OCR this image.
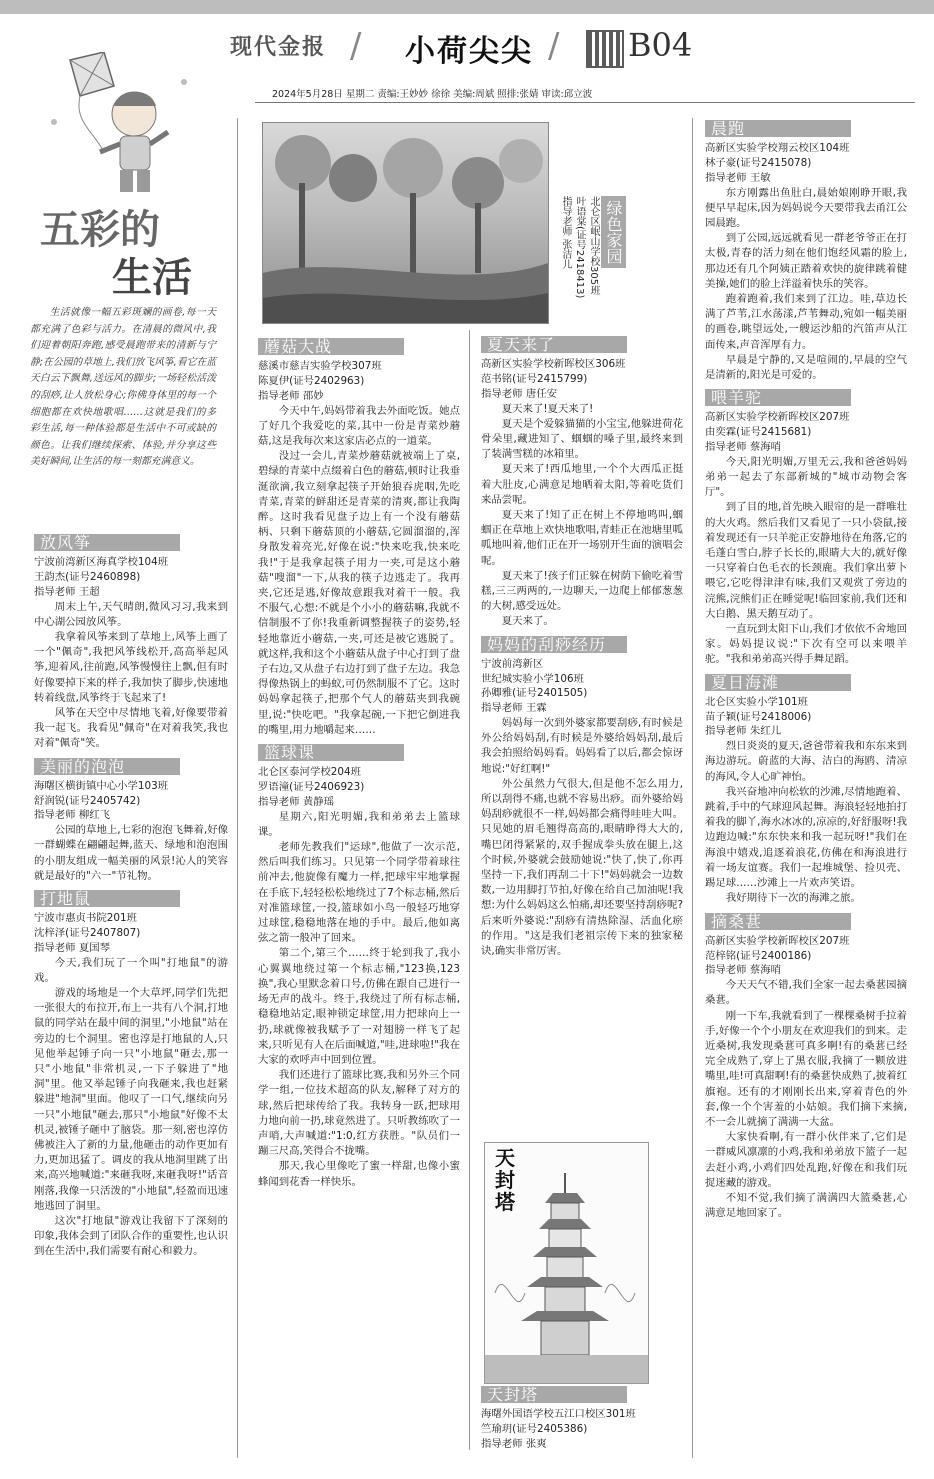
现代金报 / 小荷尖尖 / B04
2024年5月28日 星期二 责编:王妙妙 徐徐 美编:周斌 照排:张婧 审读:邱立波
五彩的
生活

生活就像一幅五彩斑斓的画卷,每一天都充满了色彩与活力。在清晨的微风中,我们迎着朝阳奔跑,感受晨跑带来的清新与宁静;在公园的草地上,我们放飞风筝,看它在蓝天白云下飘舞,送远风的脚步;一场轻松活泼的刮痧,让人放松身心;你佛身体里的每一个细胞都在欢快地歌唱……这就是我们的多彩生活,每一种体验都是生活中不可或缺的颜色。让我们继续探索、体验,并分享这些美好瞬间,让生活的每一刻都充满意义。

放风筝
宁波前湾新区海真学校104班
王韵杰(证号2460898)
指导老师 王超

周末上午,天气晴朗,微风习习,我来到中心湖公园放风筝。

我拿着风筝来到了草地上,风筝上画了一个"佩奇",我把风筝线松开,高高举起风筝,迎着风,往前跑,风筝慢慢往上飘,但有时好像要掉下来的样子,我加快了脚步,快速地转着线盘,风筝终于飞起来了!

风筝在天空中尽情地飞着,好像要带着我一起飞。我看见"佩奇"在对着我笑,我也对着"佩奇"笑。

美丽的泡泡
海曙区横街镇中心小学103班
舒润锐(证号2405742)
指导老师 柳红飞

公园的草地上,七彩的泡泡飞舞着,好像一群蝴蝶在翩翩起舞,蓝天、绿地和泡泡围的小朋友组成一幅美丽的风景!沁人的笑容就是最好的"六一"节礼物。

打地鼠
宁波市惠贞书院201班
沈梓泽(证号2407807)
指导老师 夏国琴

今天,我们玩了一个叫"打地鼠"的游戏。

游戏的场地是一个大草坪,同学们先把一张很大的布拉开,布上一共有八个洞,打地鼠的同学站在最中间的洞里,"小地鼠"站在旁边的七个洞里。密也淳是打地鼠的人,只见他举起锤子向一只"小地鼠"砸去,那一只"小地鼠"非常机灵,一下子躲进了"地洞"里。他又举起锤子向我砸来,我也赶紧躲进"地洞"里面。他叹了一口气,继续向另一只"小地鼠"砸去,那只"小地鼠"好像不太机灵,被锤子砸中了脑袋。那一刻,密也淳仿佛被注入了新的力量,他砸击的动作更加有力,更加迅猛了。调皮的我从地洞里跳了出来,高兴地喊道:"来砸我呀,来砸我呀!"话音刚落,我像一只活泼的"小地鼠",轻盈而迅速地逃回了洞里。

这次"打地鼠"游戏让我留下了深刻的印象,我体会到了团队合作的重要性,也认识到在生活中,我们需要有耐心和毅力。

绿色家园
北仑区岷山学校305班
叶语棠(证号2418413)
指导老师 张洁儿
蘑菇大战
慈溪市慈吉实验学校307班
陈夏伊(证号2402963)
指导老师 邵妙

今天中午,妈妈带着我去外面吃饭。她点了好几个我爱吃的菜,其中一份是青菜炒蘑菇,这是我每次来这家店必点的一道菜。

没过一会儿,青菜炒蘑菇就被端上了桌,碧绿的青菜中点缀着白色的蘑菇,顿时让我垂涎欲滴,我立刻拿起筷子开始狼吞虎咽,先吃青菜,青菜的鲜甜还是青菜的清爽,都让我陶醉。这时我看见盘子边上有一个没有蘑菇柄、只剩下蘑菇顶的小蘑菇,它圆溜溜的,浑身散发着亮光,好像在说:"快来吃我,快来吃我!"于是我拿起筷子用力一夹,可是这小蘑菇"嗖溜"一下,从我的筷子边逃走了。我再夹,它还是逃,好像故意跟我对着干一般。我不服气,心想:不就是个小小的蘑菇嘛,我就不信制服不了你!我重新调整握筷子的姿势,轻轻地靠近小蘑菇,一夹,可还是被它逃脱了。就这样,我和这个小蘑菇从盘子中心打到了盘子右边,又从盘子右边打到了盘子左边。我急得像热锅上的蚂蚁,可仍然制服不了它。这时妈妈拿起筷子,把那个气人的蘑菇夹到我碗里,说:"快吃吧。"我拿起碗,一下把它倒进我的嘴里,用力地嚼起来……

篮球课
北仑区泰河学校204班
罗语潼(证号2406923)
指导老师 黄静瑶

星期六,阳光明媚,我和弟弟去上篮球课。

老师先教我们"运球",他做了一次示范,然后叫我们练习。只见第一个同学带着球往前冲去,他旋像有魔力一样,把球牢牢地掌握在手底下,轻轻松松地绕过了7个标志桶,然后对准篮球筐,一投,篮球如小鸟一般轻巧地穿过球筐,稳稳地落在地的手中。最后,他如离弦之箭一般冲了回来。

第二个,第三个……终于轮到我了,我小心翼翼地绕过第一个标志桶,"123换,123换",我心里默念着口号,仿佛在跟自己进行一场无声的战斗。终于,我绕过了所有标志桶,稳稳地站定,眼神锁定球筐,用力把球向上一扔,球就像被我赋予了一对翅膀一样飞了起来,只听见有人在后面喊道,"哇,进球啦!"我在大家的欢呼声中回到位置。

我们还进行了篮球比赛,我和另外三个同学一组,一位技术超高的队友,解释了对方的球,然后把球传给了我。我转身一跃,把球用力地向前一扔,球竟然进了。只听教练吹了一声哨,大声喊道:"1:0,红方获胜。"队员们一蹦三尺高,笑得合不拢嘴。

那天,我心里像吃了蜜一样甜,也像小蜜蜂闻到花香一样快乐。

夏天来了
高新区实验学校新晖校区306班
范书铭(证号2415799)
指导老师 唐任安

夏天来了!夏天来了!

夏天是个爱躲猫猫的小宝宝,他躲进荷花骨朵里,藏进知了、蝈蝈的嗓子里,最终来到了装满雪糕的冰箱里。

夏天来了!西瓜地里,一个个大西瓜正挺着大肚皮,心满意足地晒着太阳,等着吃货们来品尝呢。

夏天来了!知了正在树上不停地鸣叫,蝈蝈正在草地上欢快地歌唱,青蛙正在池塘里呱呱地叫着,他们正在开一场别开生面的演唱会呢。

夏天来了!孩子们正躲在树荫下偷吃着雪糕,三三两两的,一边聊天,一边爬上郁郁葱葱的大树,感受远处。

夏天来了。

妈妈的刮痧经历
宁波前湾新区
世纪城实验小学106班
孙卿雅(证号2401505)
指导老师 王霖

妈妈每一次到外婆家都要刮痧,有时候是外公给妈妈刮,有时候是外婆给妈妈刮,最后我会拍照给妈妈看。妈妈看了以后,都会惊讶地说:"好红啊!"

外公虽然力气很大,但是他不怎么用力,所以刮得不痛,也就不容易出痧。而外婆给妈妈刮痧就很不一样,妈妈都会痛得哇哇大叫。只见她的眉毛翘得高高的,眼睛睁得大大的,嘴巴闭得紧紧的,双手握成拳头放在腿上,这个时候,外婆就会鼓励她说:"快了,快了,你再坚持一下,我们再刮二十下!"妈妈就会一边数数,一边用脚打节拍,好像在给自己加油呢!我想:为什么妈妈这么怕痛,却还要坚持刮痧呢?后来听外婆说:"刮痧有清热除湿、活血化瘀的作用。"这是我们老祖宗传下来的独家秘诀,确实非常厉害。

天封塔
天封塔
海曙外国语学校五江口校区301班
竺瑜玥(证号2405386)
指导老师 张爽
晨跑
高新区实验学校翔云校区104班
林子豪(证号2415078)
指导老师 王敏

东方刚露出鱼肚白,晨始娘刚睁开眼,我便早早起床,因为妈妈说今天要带我去甬江公园晨跑。

到了公园,远远就看见一群老爷爷正在打太极,青春的活力刻在他们饱经风霜的脸上,那边还有几个阿姨正踏着欢快的旋律跳着健美操,她们的脸上洋溢着快乐的笑容。

跑着跑着,我们来到了江边。哇,草边长满了芦苇,江水荡漾,芦苇舞动,宛如一幅美丽的画卷,眺望远处,一艘运沙船的汽笛声从江面传来,声音浑厚有力。

早晨是宁静的,又是喧闹的,早晨的空气是清新的,阳光是可爱的。

喂羊驼
高新区实验学校新晖校区207班
由奕霖(证号2415681)
指导老师 蔡海哨

今天,阳光明媚,万里无云,我和爸爸妈妈弟弟一起去了东部新城的"城市动物会客厅"。

到了目的地,首先映入眼帘的是一群唯壮的大火鸡。然后我们又看见了一只小袋鼠,接着发现还有一只羊驼正安静地待在角落,它的毛蓬白雪白,脖子长长的,眼睛大大的,就好像一只穿着白色毛衣的长颈鹿。我们拿出萝卜喂它,它吃得津津有味,我们又观赏了旁边的浣熊,浣熊们正在睡觉呢!临回家前,我们还和大白鹅、黑天鹅互动了。

一直玩到太阳下山,我们才依依不舍地回家。妈妈提议说:"下次有空可以来喂羊驼。"我和弟弟高兴得手舞足蹈。

夏日海滩
北仑区实验小学101班
苗子颖(证号2418006)
指导老师 朱红儿

烈日炎炎的夏天,爸爸带着我和东东来到海边游玩。蔚蓝的大海、洁白的海鸥、清凉的海风,令人心旷神怡。

我兴奋地冲向松软的沙滩,尽情地跑着、跳着,手中的气球迎风起舞。海浪轻轻地拍打着我的脚丫,海水冰冰的,凉凉的,好舒服呀!我边跑边喊:"东东快来和我一起玩呀!"我们在海浪中嬉戏,追逐着浪花,仿佛在和海浪进行着一场友谊赛。我们一起堆城堡、捡贝壳、踢足球……沙滩上一片欢声笑语。

我好期待下一次的海滩之旅。

摘桑葚
高新区实验学校新晖校区207班
范梓铭(证号2400186)
指导老师 蔡海哨

今天天气不错,我们全家一起去桑葚园摘桑葚。

刚一下车,我就看到了一棵棵桑树手拉着手,好像一个个小朋友在欢迎我们的到来。走近桑树,我发现桑葚可真多啊!有的桑葚已经完全成熟了,穿上了黑衣服,我摘了一颗放进嘴里,哇!可真甜啊!有的桑葚快成熟了,披着红旗袍。还有的才刚刚长出来,穿着青色的外套,像一个个害羞的小姑娘。我们摘下来摘,不一会儿就摘了满满一大盆。

大家快看啊,有一群小伙伴来了,它们是一群威风凛凛的小鸡,我和弟弟放下篮子一起去赶小鸡,小鸡们四处乱跑,好像在和我们玩捉迷藏的游戏。

不知不觉,我们摘了满满四大篮桑葚,心满意足地回家了。
